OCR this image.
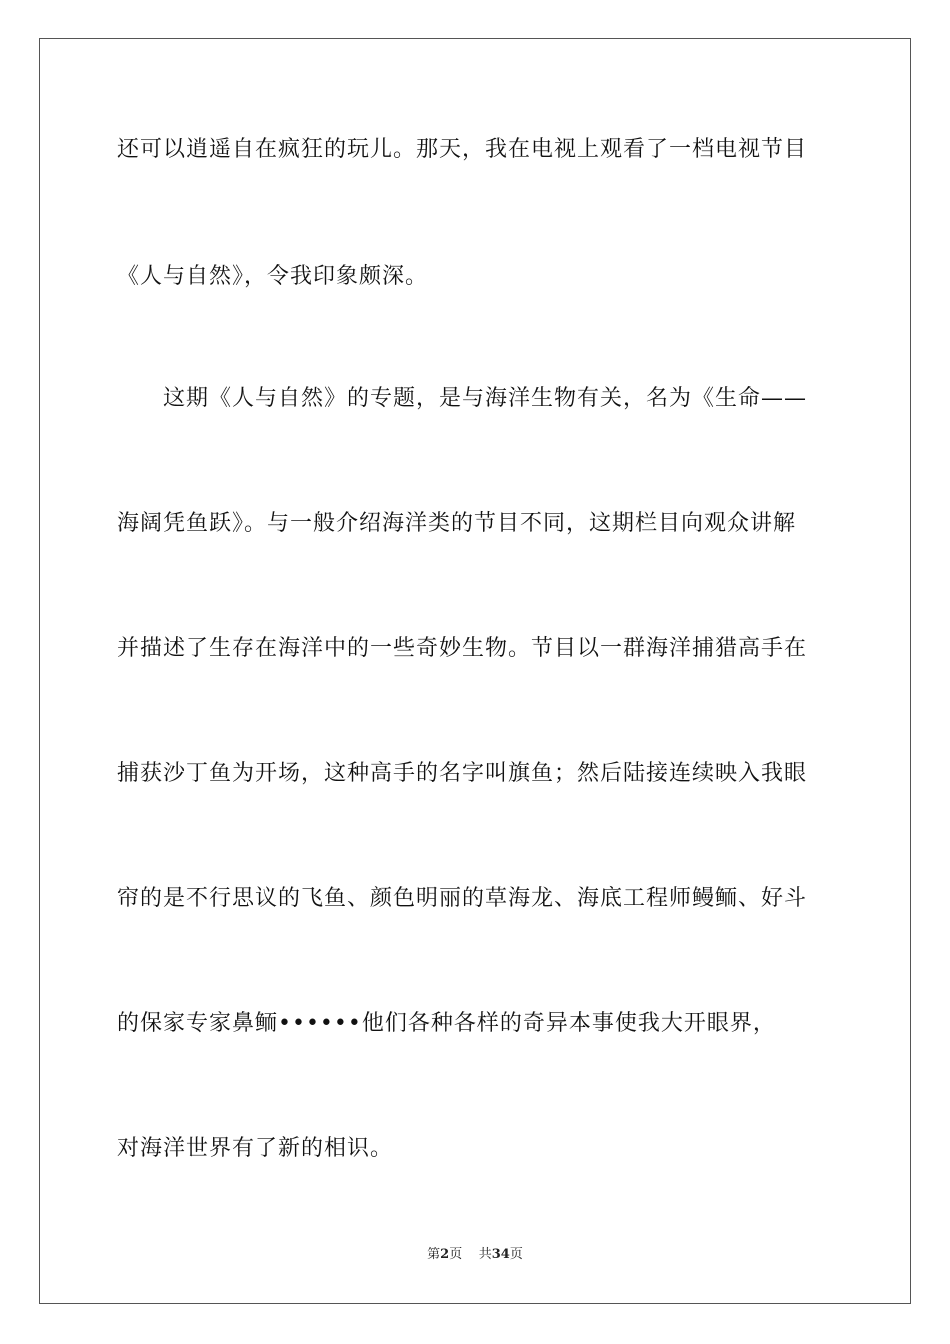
还可以逍遥自在疯狂的玩儿。那天，我在电视上观看了一档电视节目
《人与自然》，令我印象颇深。
　　这期《人与自然》的专题，是与海洋生物有关，名为《生命——
海阔凭鱼跃》。与一般介绍海洋类的节目不同，这期栏目向观众讲解
并描述了生存在海洋中的一些奇妙生物。节目以一群海洋捕猎高手在
捕获沙丁鱼为开场，这种高手的名字叫旗鱼；然后陆接连续映入我眼
帘的是不行思议的飞鱼、颜色明丽的草海龙、海底工程师鳗鲕、好斗
的保家专家鼻鲕••••••他们各种各样的奇异本事使我大开眼界，
对海洋世界有了新的相识。
第2页 共34页
